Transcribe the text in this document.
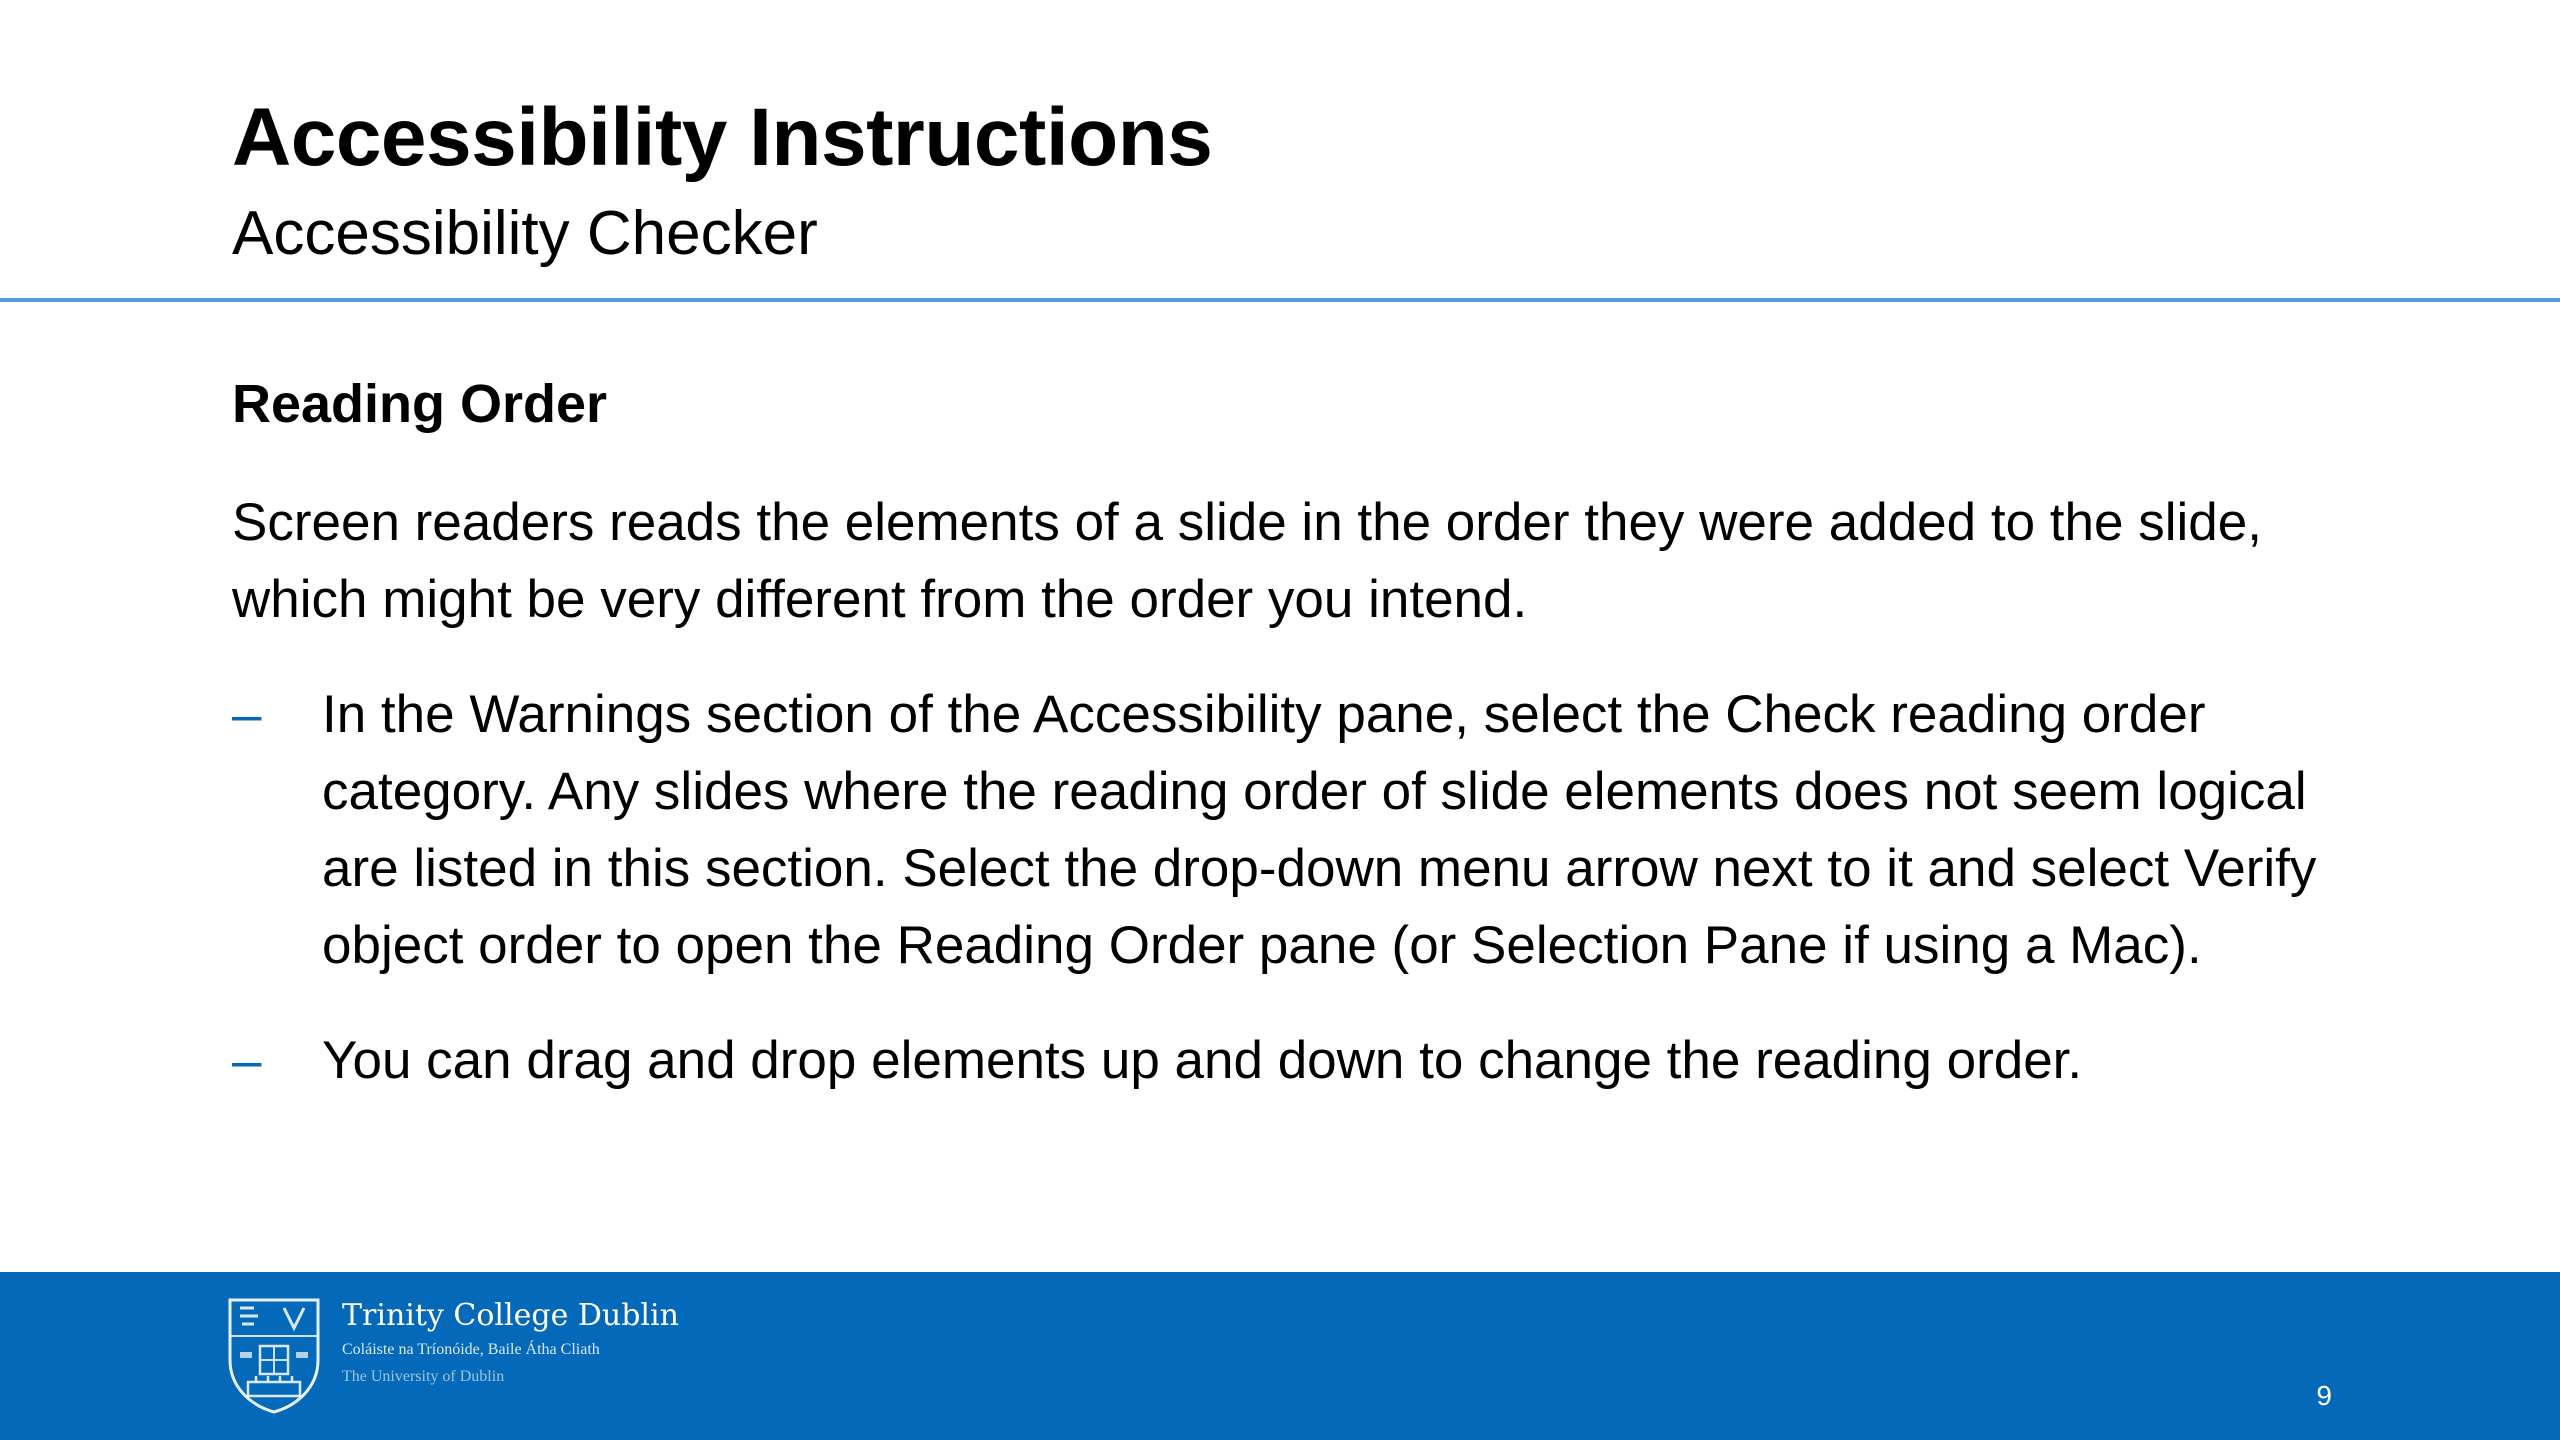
Accessibility Instructions
Accessibility Checker
Reading Order

Screen readers reads the elements of a slide in the order they were added to the slide, which might be very different from the order you intend.

– In the Warnings section of the Accessibility pane, select the Check reading order category. Any slides where the reading order of slide elements does not seem logical are listed in this section. Select the drop-down menu arrow next to it and select Verify object order to open the Reading Order pane (or Selection Pane if using a Mac).
– You can drag and drop elements up and down to change the reading order.
Trinity College Dublin
Coláiste na Tríonóide, Baile Átha Cliath
The University of Dublin
9
